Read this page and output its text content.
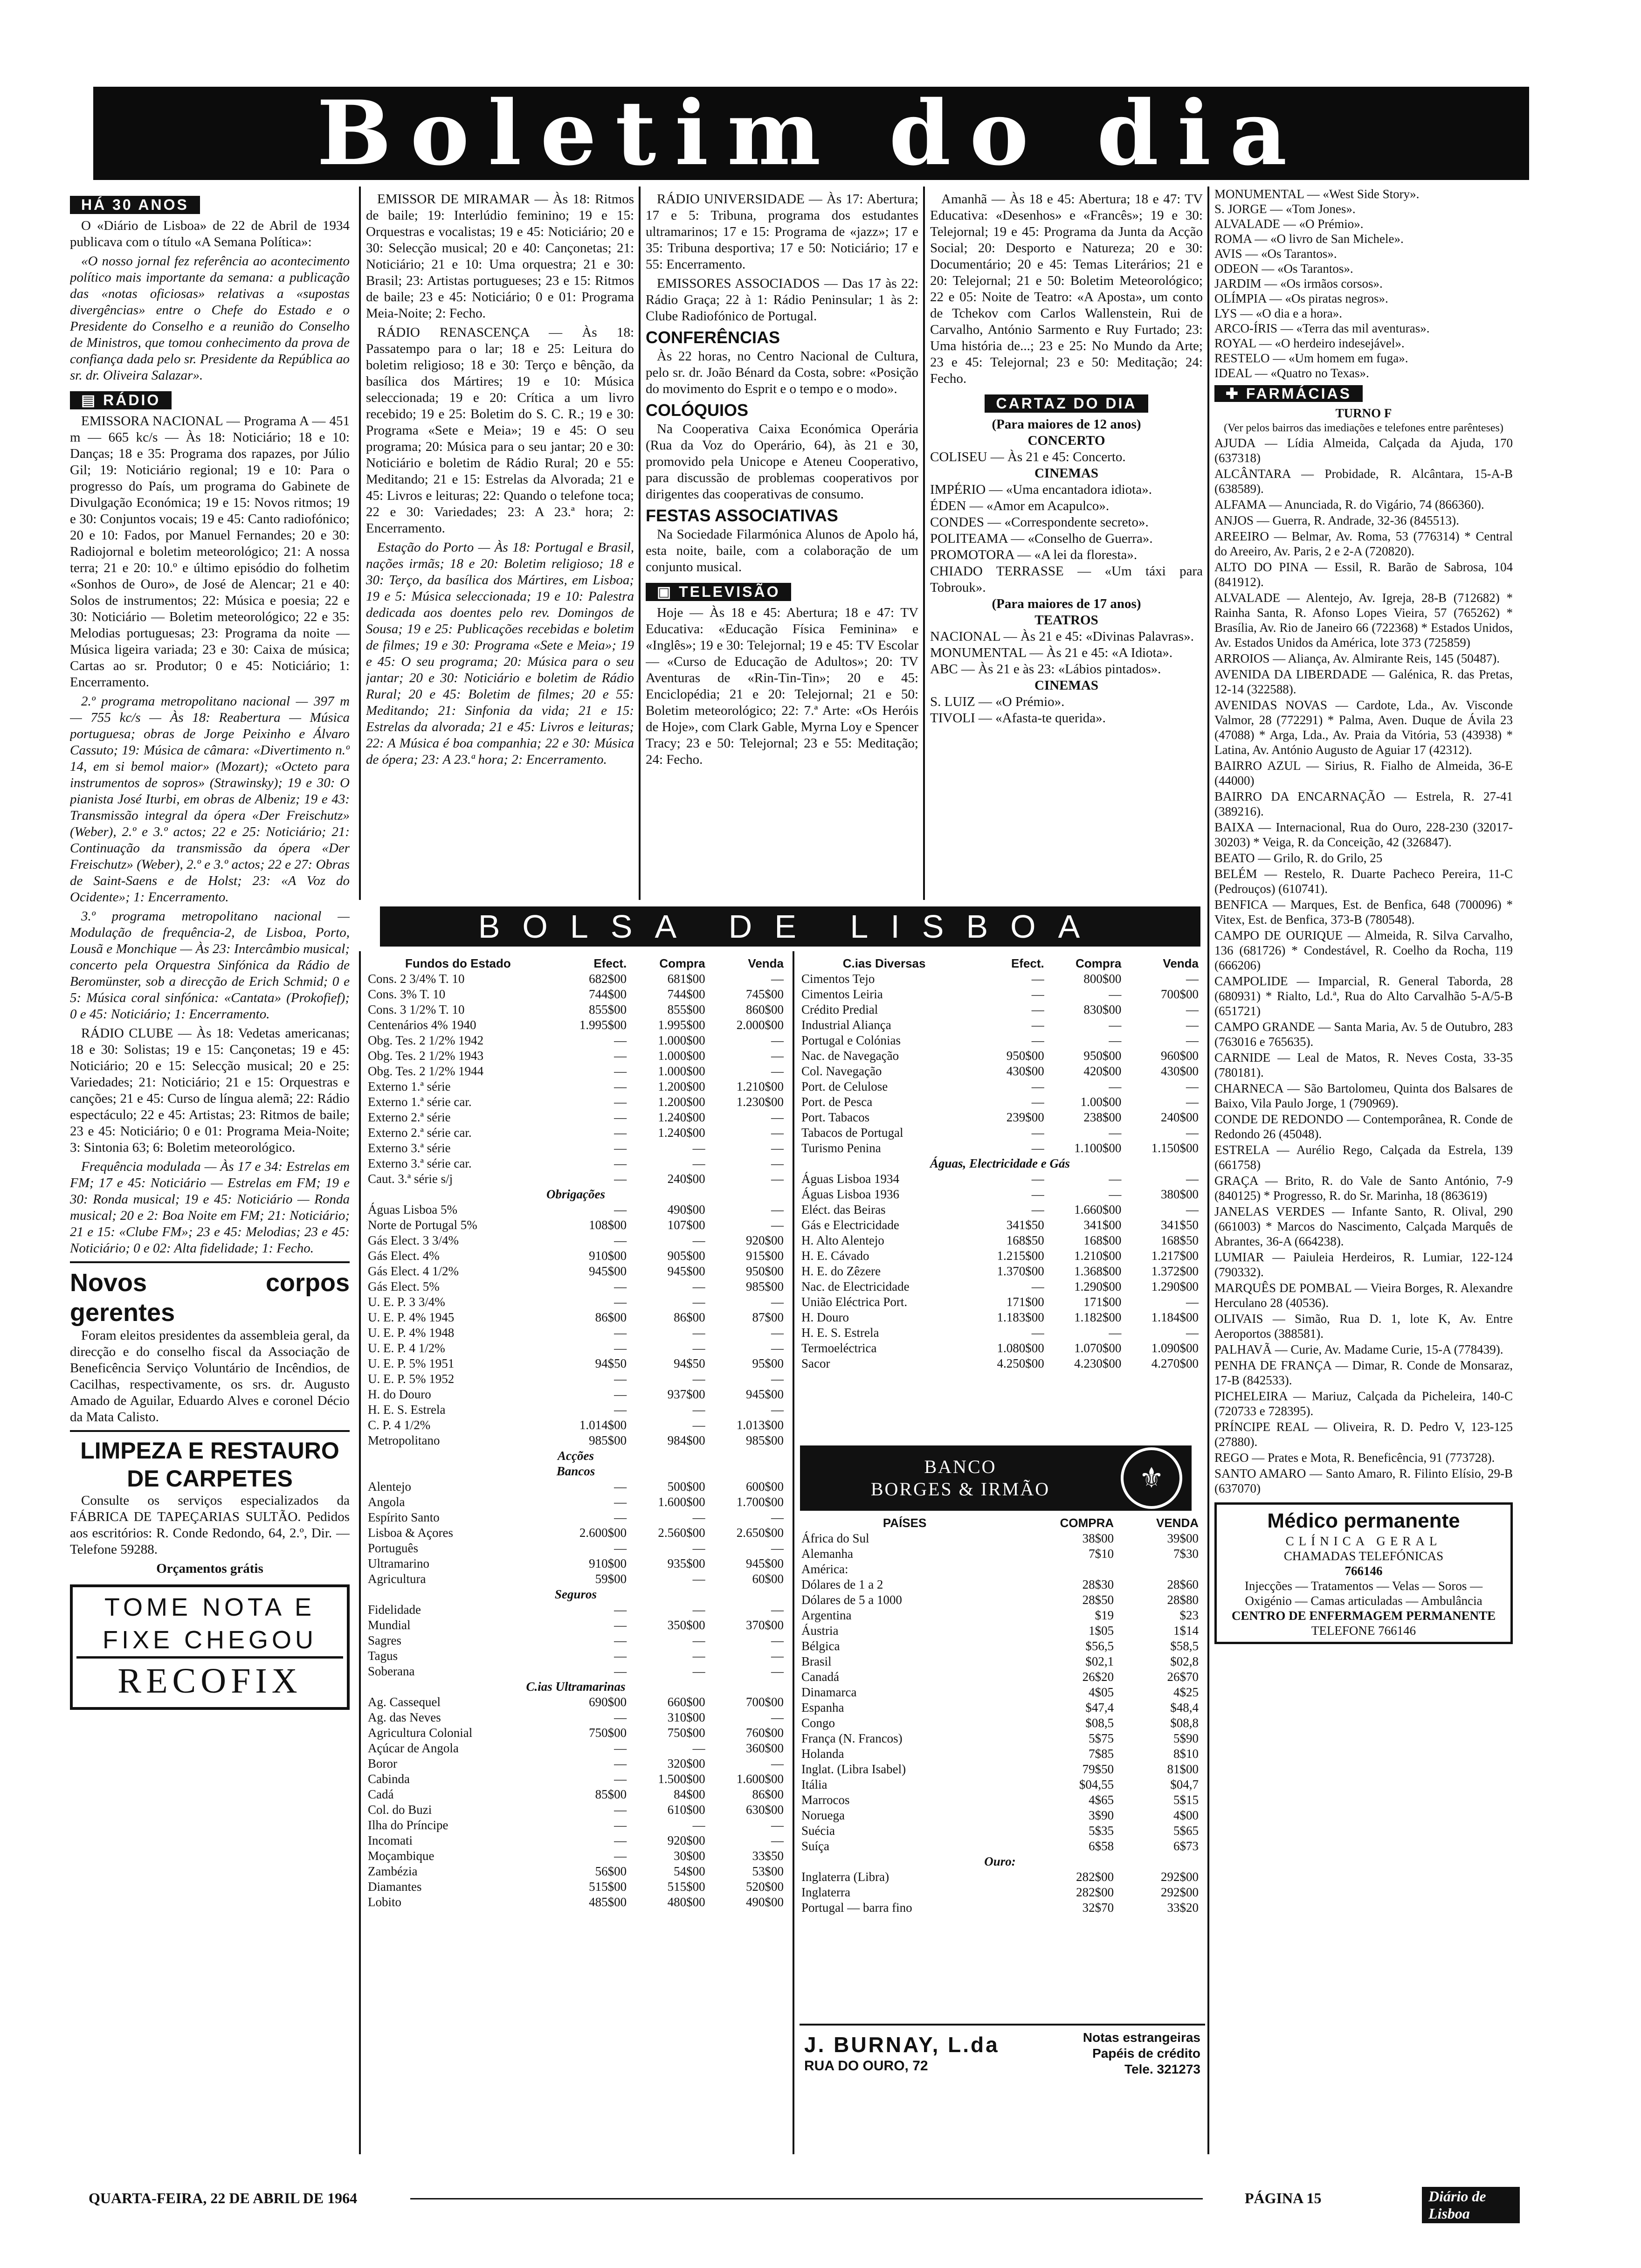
Boletim do dia
HÁ 30 ANOS

O «Diário de Lisboa» de 22 de Abril de 1934 publicava com o título «A Semana Política»:

«O nosso jornal fez referência ao acontecimento político mais importante da semana: a publicação das «notas oficiosas» relativas a «supostas divergências» entre o Chefe do Estado e o Presidente do Conselho e a reunião do Conselho de Ministros, que tomou conhecimento da prova de confiança dada pelo sr. Presidente da República ao sr. dr. Oliveira Salazar».

▤ RÁDIO

EMISSORA NACIONAL — Programa A — 451 m — 665 kc/s — Às 18: Noticiário; 18 e 10: Danças; 18 e 35: Programa dos rapazes, por Júlio Gil; 19: Noticiário regional; 19 e 10: Para o progresso do País, um programa do Gabinete de Divulgação Económica; 19 e 15: Novos ritmos; 19 e 30: Conjuntos vocais; 19 e 45: Canto radiofónico; 20 e 10: Fados, por Manuel Fernandes; 20 e 30: Radiojornal e boletim meteorológico; 21: A nossa terra; 21 e 20: 10.º e último episódio do folhetim «Sonhos de Ouro», de José de Alencar; 21 e 40: Solos de instrumentos; 22: Música e poesia; 22 e 30: Noticiário — Boletim meteorológico; 22 e 35: Melodias portuguesas; 23: Programa da noite — Música ligeira variada; 23 e 30: Caixa de música; Cartas ao sr. Produtor; 0 e 45: Noticiário; 1: Encerramento.

2.º programa metropolitano nacional — 397 m — 755 kc/s — Às 18: Reabertura — Música portuguesa; obras de Jorge Peixinho e Álvaro Cassuto; 19: Música de câmara: «Divertimento n.º 14, em si bemol maior» (Mozart); «Octeto para instrumentos de sopros» (Strawinsky); 19 e 30: O pianista José Iturbi, em obras de Albeniz; 19 e 43: Transmissão integral da ópera «Der Freischutz» (Weber), 2.º e 3.º actos; 22 e 25: Noticiário; 21: Continuação da transmissão da ópera «Der Freischutz» (Weber), 2.º e 3.º actos; 22 e 27: Obras de Saint-Saens e de Holst; 23: «A Voz do Ocidente»; 1: Encerramento.

3.º programa metropolitano nacional — Modulação de frequência-2, de Lisboa, Porto, Lousã e Monchique — Às 23: Intercâmbio musical; concerto pela Orquestra Sinfónica da Rádio de Beromünster, sob a direcção de Erich Schmid; 0 e 5: Música coral sinfónica: «Cantata» (Prokofief); 0 e 45: Noticiário; 1: Encerramento.

RÁDIO CLUBE — Às 18: Vedetas americanas; 18 e 30: Solistas; 19 e 15: Cançonetas; 19 e 45: Noticiário; 20 e 15: Selecção musical; 20 e 25: Variedades; 21: Noticiário; 21 e 15: Orquestras e canções; 21 e 45: Curso de língua alemã; 22: Rádio espectáculo; 22 e 45: Artistas; 23: Ritmos de baile; 23 e 45: Noticiário; 0 e 01: Programa Meia-Noite; 3: Sintonia 63; 6: Boletim meteorológico.

Frequência modulada — Às 17 e 34: Estrelas em FM; 17 e 45: Noticiário — Estrelas em FM; 19 e 30: Ronda musical; 19 e 45: Noticiário — Ronda musical; 20 e 2: Boa Noite em FM; 21: Noticiário; 21 e 15: «Clube FM»; 23 e 45: Melodias; 23 e 45: Noticiário; 0 e 02: Alta fidelidade; 1: Fecho.

Novos corpos gerentes

Foram eleitos presidentes da assembleia geral, da direcção e do conselho fiscal da Associação de Beneficência Serviço Voluntário de Incêndios, de Cacilhas, respectivamente, os srs. dr. Augusto Amado de Aguilar, Eduardo Alves e coronel Décio da Mata Calisto.

LIMPEZA E RESTAURO
DE CARPETES

Consulte os serviços especializados da FÁBRICA DE TAPEÇARIAS SULTÃO. Pedidos aos escritórios: R. Conde Redondo, 64, 2.º, Dir. — Telefone 59288.

Orçamentos grátis
TOME NOTA E
FIXE CHEGOU
RECOFIX

EMISSOR DE MIRAMAR — Às 18: Ritmos de baile; 19: Interlúdio feminino; 19 e 15: Orquestras e vocalistas; 19 e 45: Noticiário; 20 e 30: Selecção musical; 20 e 40: Cançonetas; 21: Noticiário; 21 e 10: Uma orquestra; 21 e 30: Brasil; 23: Artistas portugueses; 23 e 15: Ritmos de baile; 23 e 45: Noticiário; 0 e 01: Programa Meia-Noite; 2: Fecho.

RÁDIO RENASCENÇA — Às 18: Passatempo para o lar; 18 e 25: Leitura do boletim religioso; 18 e 30: Terço e bênção, da basílica dos Mártires; 19 e 10: Música seleccionada; 19 e 20: Crítica a um livro recebido; 19 e 25: Boletim do S. C. R.; 19 e 30: Programa «Sete e Meia»; 19 e 45: O seu programa; 20: Música para o seu jantar; 20 e 30: Noticiário e boletim de Rádio Rural; 20 e 55: Meditando; 21 e 15: Estrelas da Alvorada; 21 e 45: Livros e leituras; 22: Quando o telefone toca; 22 e 30: Variedades; 23: A 23.ª hora; 2: Encerramento.

Estação do Porto — Às 18: Portugal e Brasil, nações irmãs; 18 e 20: Boletim religioso; 18 e 30: Terço, da basílica dos Mártires, em Lisboa; 19 e 5: Música seleccionada; 19 e 10: Palestra dedicada aos doentes pelo rev. Domingos de Sousa; 19 e 25: Publicações recebidas e boletim de filmes; 19 e 30: Programa «Sete e Meia»; 19 e 45: O seu programa; 20: Música para o seu jantar; 20 e 30: Noticiário e boletim de Rádio Rural; 20 e 45: Boletim de filmes; 20 e 55: Meditando; 21: Sinfonia da vida; 21 e 15: Estrelas da alvorada; 21 e 45: Livros e leituras; 22: A Música é boa companhia; 22 e 30: Música de ópera; 23: A 23.ª hora; 2: Encerramento.

RÁDIO UNIVERSIDADE — Às 17: Abertura; 17 e 5: Tribuna, programa dos estudantes ultramarinos; 17 e 15: Programa de «jazz»; 17 e 35: Tribuna desportiva; 17 e 50: Noticiário; 17 e 55: Encerramento.

EMISSORES ASSOCIADOS — Das 17 às 22: Rádio Graça; 22 à 1: Rádio Peninsular; 1 às 2: Clube Radiofónico de Portugal.

CONFERÊNCIAS

Às 22 horas, no Centro Nacional de Cultura, pelo sr. dr. João Bénard da Costa, sobre: «Posição do movimento do Esprit e o tempo e o modo».

COLÓQUIOS

Na Cooperativa Caixa Económica Operária (Rua da Voz do Operário, 64), às 21 e 30, promovido pela Unicope e Ateneu Cooperativo, para discussão de problemas cooperativos por dirigentes das cooperativas de consumo.

FESTAS ASSOCIATIVAS

Na Sociedade Filarmónica Alunos de Apolo há, esta noite, baile, com a colaboração de um conjunto musical.

▣ TELEVISÃO

Hoje — Às 18 e 45: Abertura; 18 e 47: TV Educativa: «Educação Física Feminina» e «Inglês»; 19 e 30: Telejornal; 19 e 45: TV Escolar — «Curso de Educação de Adultos»; 20: TV Aventuras de «Rin-Tin-Tin»; 20 e 45: Enciclopédia; 21 e 20: Telejornal; 21 e 50: Boletim meteorológico; 22: 7.ª Arte: «Os Heróis de Hoje», com Clark Gable, Myrna Loy e Spencer Tracy; 23 e 50: Telejornal; 23 e 55: Meditação; 24: Fecho.

Amanhã — Às 18 e 45: Abertura; 18 e 47: TV Educativa: «Desenhos» e «Francês»; 19 e 30: Telejornal; 19 e 45: Programa da Junta da Acção Social; 20: Desporto e Natureza; 20 e 30: Documentário; 20 e 45: Temas Literários; 21 e 20: Telejornal; 21 e 50: Boletim Meteorológico; 22 e 05: Noite de Teatro: «A Aposta», um conto de Tchekov com Carlos Wallenstein, Rui de Carvalho, António Sarmento e Ruy Furtado; 23: Uma história de...; 23 e 25: No Mundo da Arte; 23 e 45: Telejornal; 23 e 50: Meditação; 24: Fecho.

CARTAZ DO DIA
(Para maiores de 12 anos)
CONCERTO
COLISEU — Às 21 e 45: Concerto.
CINEMAS
IMPÉRIO — «Uma encantadora idiota».
ÉDEN — «Amor em Acapulco».
CONDES — «Correspondente secreto».
POLITEAMA — «Conselho de Guerra».
PROMOTORA — «A lei da floresta».
CHIADO TERRASSE — «Um táxi para Tobrouk».
(Para maiores de 17 anos)
TEATROS
NACIONAL — Às 21 e 45: «Divinas Palavras».
MONUMENTAL — Às 21 e 45: «A Idiota».
ABC — Às 21 e às 23: «Lábios pintados».
CINEMAS
S. LUIZ — «O Prémio».
TIVOLI — «Afasta-te querida».
MONUMENTAL — «West Side Story».
S. JORGE — «Tom Jones».
ALVALADE — «O Prémio».
ROMA — «O livro de San Michele».
AVIS — «Os Tarantos».
ODEON — «Os Tarantos».
JARDIM — «Os irmãos corsos».
OLÍMPIA — «Os piratas negros».
LYS — «O dia e a hora».
ARCO-ÍRIS — «Terra das mil aventuras».
ROYAL — «O herdeiro indesejável».
RESTELO — «Um homem em fuga».
IDEAL — «Quatro no Texas».
✚ FARMÁCIAS
TURNO F
(Ver pelos bairros das imediações e telefones entre parênteses)
AJUDA — Lídia Almeida, Calçada da Ajuda, 170 (637318)
ALCÂNTARA — Probidade, R. Alcântara, 15-A-B (638589).
ALFAMA — Anunciada, R. do Vigário, 74 (866360).
ANJOS — Guerra, R. Andrade, 32-36 (845513).
AREEIRO — Belmar, Av. Roma, 53 (776314) * Central do Areeiro, Av. Paris, 2 e 2-A (720820).
ALTO DO PINA — Essil, R. Barão de Sabrosa, 104 (841912).
ALVALADE — Alentejo, Av. Igreja, 28-B (712682) * Rainha Santa, R. Afonso Lopes Vieira, 57 (765262) * Brasília, Av. Rio de Janeiro 66 (722368) * Estados Unidos, Av. Estados Unidos da América, lote 373 (725859)
ARROIOS — Aliança, Av. Almirante Reis, 145 (50487).
AVENIDA DA LIBERDADE — Galénica, R. das Pretas, 12-14 (322588).
AVENIDAS NOVAS — Cardote, Lda., Av. Visconde Valmor, 28 (772291) * Palma, Aven. Duque de Ávila 23 (47088) * Arga, Lda., Av. Praia da Vitória, 53 (43938) * Latina, Av. António Augusto de Aguiar 17 (42312).
BAIRRO AZUL — Sirius, R. Fialho de Almeida, 36-E (44000)
BAIRRO DA ENCARNAÇÃO — Estrela, R. 27-41 (389216).
BAIXA — Internacional, Rua do Ouro, 228-230 (32017-30203) * Veiga, R. da Conceição, 42 (326847).
BEATO — Grilo, R. do Grilo, 25
BELÉM — Restelo, R. Duarte Pacheco Pereira, 11-C (Pedrouços) (610741).
BENFICA — Marques, Est. de Benfica, 648 (700096) * Vitex, Est. de Benfica, 373-B (780548).
CAMPO DE OURIQUE — Almeida, R. Silva Carvalho, 136 (681726) * Condestável, R. Coelho da Rocha, 119 (666206)
CAMPOLIDE — Imparcial, R. General Taborda, 28 (680931) * Rialto, Ld.ª, Rua do Alto Carvalhão 5-A/5-B (651721)
CAMPO GRANDE — Santa Maria, Av. 5 de Outubro, 283 (763016 e 765635).
CARNIDE — Leal de Matos, R. Neves Costa, 33-35 (780181).
CHARNECA — São Bartolomeu, Quinta dos Balsares de Baixo, Vila Paulo Jorge, 1 (790969).
CONDE DE REDONDO — Contemporânea, R. Conde de Redondo 26 (45048).
ESTRELA — Aurélio Rego, Calçada da Estrela, 139 (661758)
GRAÇA — Brito, R. do Vale de Santo António, 7-9 (840125) * Progresso, R. do Sr. Marinha, 18 (863619)
JANELAS VERDES — Infante Santo, R. Olival, 290 (661003) * Marcos do Nascimento, Calçada Marquês de Abrantes, 36-A (664238).
LUMIAR — Paiuleia Herdeiros, R. Lumiar, 122-124 (790332).
MARQUÊS DE POMBAL — Vieira Borges, R. Alexandre Herculano 28 (40536).
OLIVAIS — Simão, Rua D. 1, lote K, Av. Entre Aeroportos (388581).
PALHAVÃ — Curie, Av. Madame Curie, 15-A (778439).
PENHA DE FRANÇA — Dimar, R. Conde de Monsaraz, 17-B (842533).
PICHELEIRA — Mariuz, Calçada da Picheleira, 140-C (720733 e 728395).
PRÍNCIPE REAL — Oliveira, R. D. Pedro V, 123-125 (27880).
REGO — Prates e Mota, R. Beneficência, 91 (773728).
SANTO AMARO — Santo Amaro, R. Filinto Elísio, 29-B (637070)
Médico permanente
CLÍNICA GERAL
CHAMADAS TELEFÓNICAS
766146
Injecções — Tratamentos — Velas — Soros — Oxigénio — Camas articuladas — Ambulância
CENTRO DE ENFERMAGEM PERMANENTE
TELEFONE 766146
BOLSA DE LISBOA
Fundos do Estado	Efect.	Compra	Venda
Cons. 2 3/4% T. 10	682$00	681$00	—
Cons. 3% T. 10	744$00	744$00	745$00
Cons. 3 1/2% T. 10	855$00	855$00	860$00
Centenários 4% 1940	1.995$00	1.995$00	2.000$00
Obg. Tes. 2 1/2% 1942	—	1.000$00	—
Obg. Tes. 2 1/2% 1943	—	1.000$00	—
Obg. Tes. 2 1/2% 1944	—	1.000$00	—
Externo 1.ª série	—	1.200$00	1.210$00
Externo 1.ª série car.	—	1.200$00	1.230$00
Externo 2.ª série	—	1.240$00	—
Externo 2.ª série car.	—	1.240$00	—
Externo 3.ª série	—	—	—
Externo 3.ª série car.	—	—	—
Caut. 3.ª série s/j	—	240$00	—
Obrigações			
Águas Lisboa 5%	—	490$00	—
Norte de Portugal 5%	108$00	107$00	—
Gás Elect. 3 3/4%	—	—	920$00
Gás Elect. 4%	910$00	905$00	915$00
Gás Elect. 4 1/2%	945$00	945$00	950$00
Gás Elect. 5%	—	—	985$00
U. E. P. 3 3/4%	—	—	—
U. E. P. 4% 1945	86$00	86$00	87$00
U. E. P. 4% 1948	—	—	—
U. E. P. 4 1/2%	—	—	—
U. E. P. 5% 1951	94$50	94$50	95$00
U. E. P. 5% 1952	—	—	—
H. do Douro	—	937$00	945$00
H. E. S. Estrela	—	—	—
C. P. 4 1/2%	1.014$00	—	1.013$00
Metropolitano	985$00	984$00	985$00
Acções			
Bancos			
Alentejo	—	500$00	600$00
Angola	—	1.600$00	1.700$00
Espírito Santo	—	—	—
Lisboa & Açores	2.600$00	2.560$00	2.650$00
Português	—	—	—
Ultramarino	910$00	935$00	945$00
Agricultura	59$00	—	60$00
Seguros			
Fidelidade	—	—	—
Mundial	—	350$00	370$00
Sagres	—	—	—
Tagus	—	—	—
Soberana	—	—	—
C.ias Ultramarinas			
Ag. Cassequel	690$00	660$00	700$00
Ag. das Neves	—	310$00	—
Agricultura Colonial	750$00	750$00	760$00
Açúcar de Angola	—	—	360$00
Boror	—	320$00	—
Cabinda	—	1.500$00	1.600$00
Cadá	85$00	84$00	86$00
Col. do Buzi	—	610$00	630$00
Ilha do Príncipe	—	—	—
Incomati	—	920$00	—
Moçambique	—	30$00	33$50
Zambézia	56$00	54$00	53$00
Diamantes	515$00	515$00	520$00
Lobito	485$00	480$00	490$00
C.ias Diversas	Efect.	Compra	Venda
Cimentos Tejo	—	800$00	—
Cimentos Leiria	—	—	700$00
Crédito Predial	—	830$00	—
Industrial Aliança	—	—	—
Portugal e Colónias	—	—	—
Nac. de Navegação	950$00	950$00	960$00
Col. Navegação	430$00	420$00	430$00
Port. de Celulose	—	—	—
Port. de Pesca	—	1.00$00	—
Port. Tabacos	239$00	238$00	240$00
Tabacos de Portugal	—	—	—
Turismo Penina	—	1.100$00	1.150$00
Águas, Electricidade e Gás			
Águas Lisboa 1934	—	—	—
Águas Lisboa 1936	—	—	380$00
Eléct. das Beiras	—	1.660$00	—
Gás e Electricidade	341$50	341$00	341$50
H. Alto Alentejo	168$50	168$00	168$50
H. E. Cávado	1.215$00	1.210$00	1.217$00
H. E. do Zêzere	1.370$00	1.368$00	1.372$00
Nac. de Electricidade	—	1.290$00	1.290$00
União Eléctrica Port.	171$00	171$00	—
H. Douro	1.183$00	1.182$00	1.184$00
H. E. S. Estrela	—	—	—
Termoeléctrica	1.080$00	1.070$00	1.090$00
Sacor	4.250$00	4.230$00	4.270$00
BANCO
BORGES & IRMÃO	⚜
PAÍSES	COMPRA	VENDA
África do Sul	38$00	39$00
Alemanha	7$10	7$30
América:		
Dólares de 1 a 2	28$30	28$60
Dólares de 5 a 1000	28$50	28$80
Argentina	$19	$23
Áustria	1$05	1$14
Bélgica	$56,5	$58,5
Brasil	$02,1	$02,8
Canadá	26$20	26$70
Dinamarca	4$05	4$25
Espanha	$47,4	$48,4
Congo	$08,5	$08,8
França (N. Francos)	5$75	5$90
Holanda	7$85	8$10
Inglat. (Libra Isabel)	79$50	81$00
Itália	$04,55	$04,7
Marrocos	4$65	5$15
Noruega	3$90	4$00
Suécia	5$35	5$65
Suíça	6$58	6$73
Ouro:		
Inglaterra (Libra)	282$00	292$00
Inglaterra	282$00	292$00
Portugal — barra fino	32$70	33$20
J. BURNAY, L.da
RUA DO OURO, 72
Notas estrangeiras
Papéis de crédito
Tele. 321273
QUARTA-FEIRA, 22 DE ABRIL DE 1964	PÁGINA 15	Diário de Lisboa
